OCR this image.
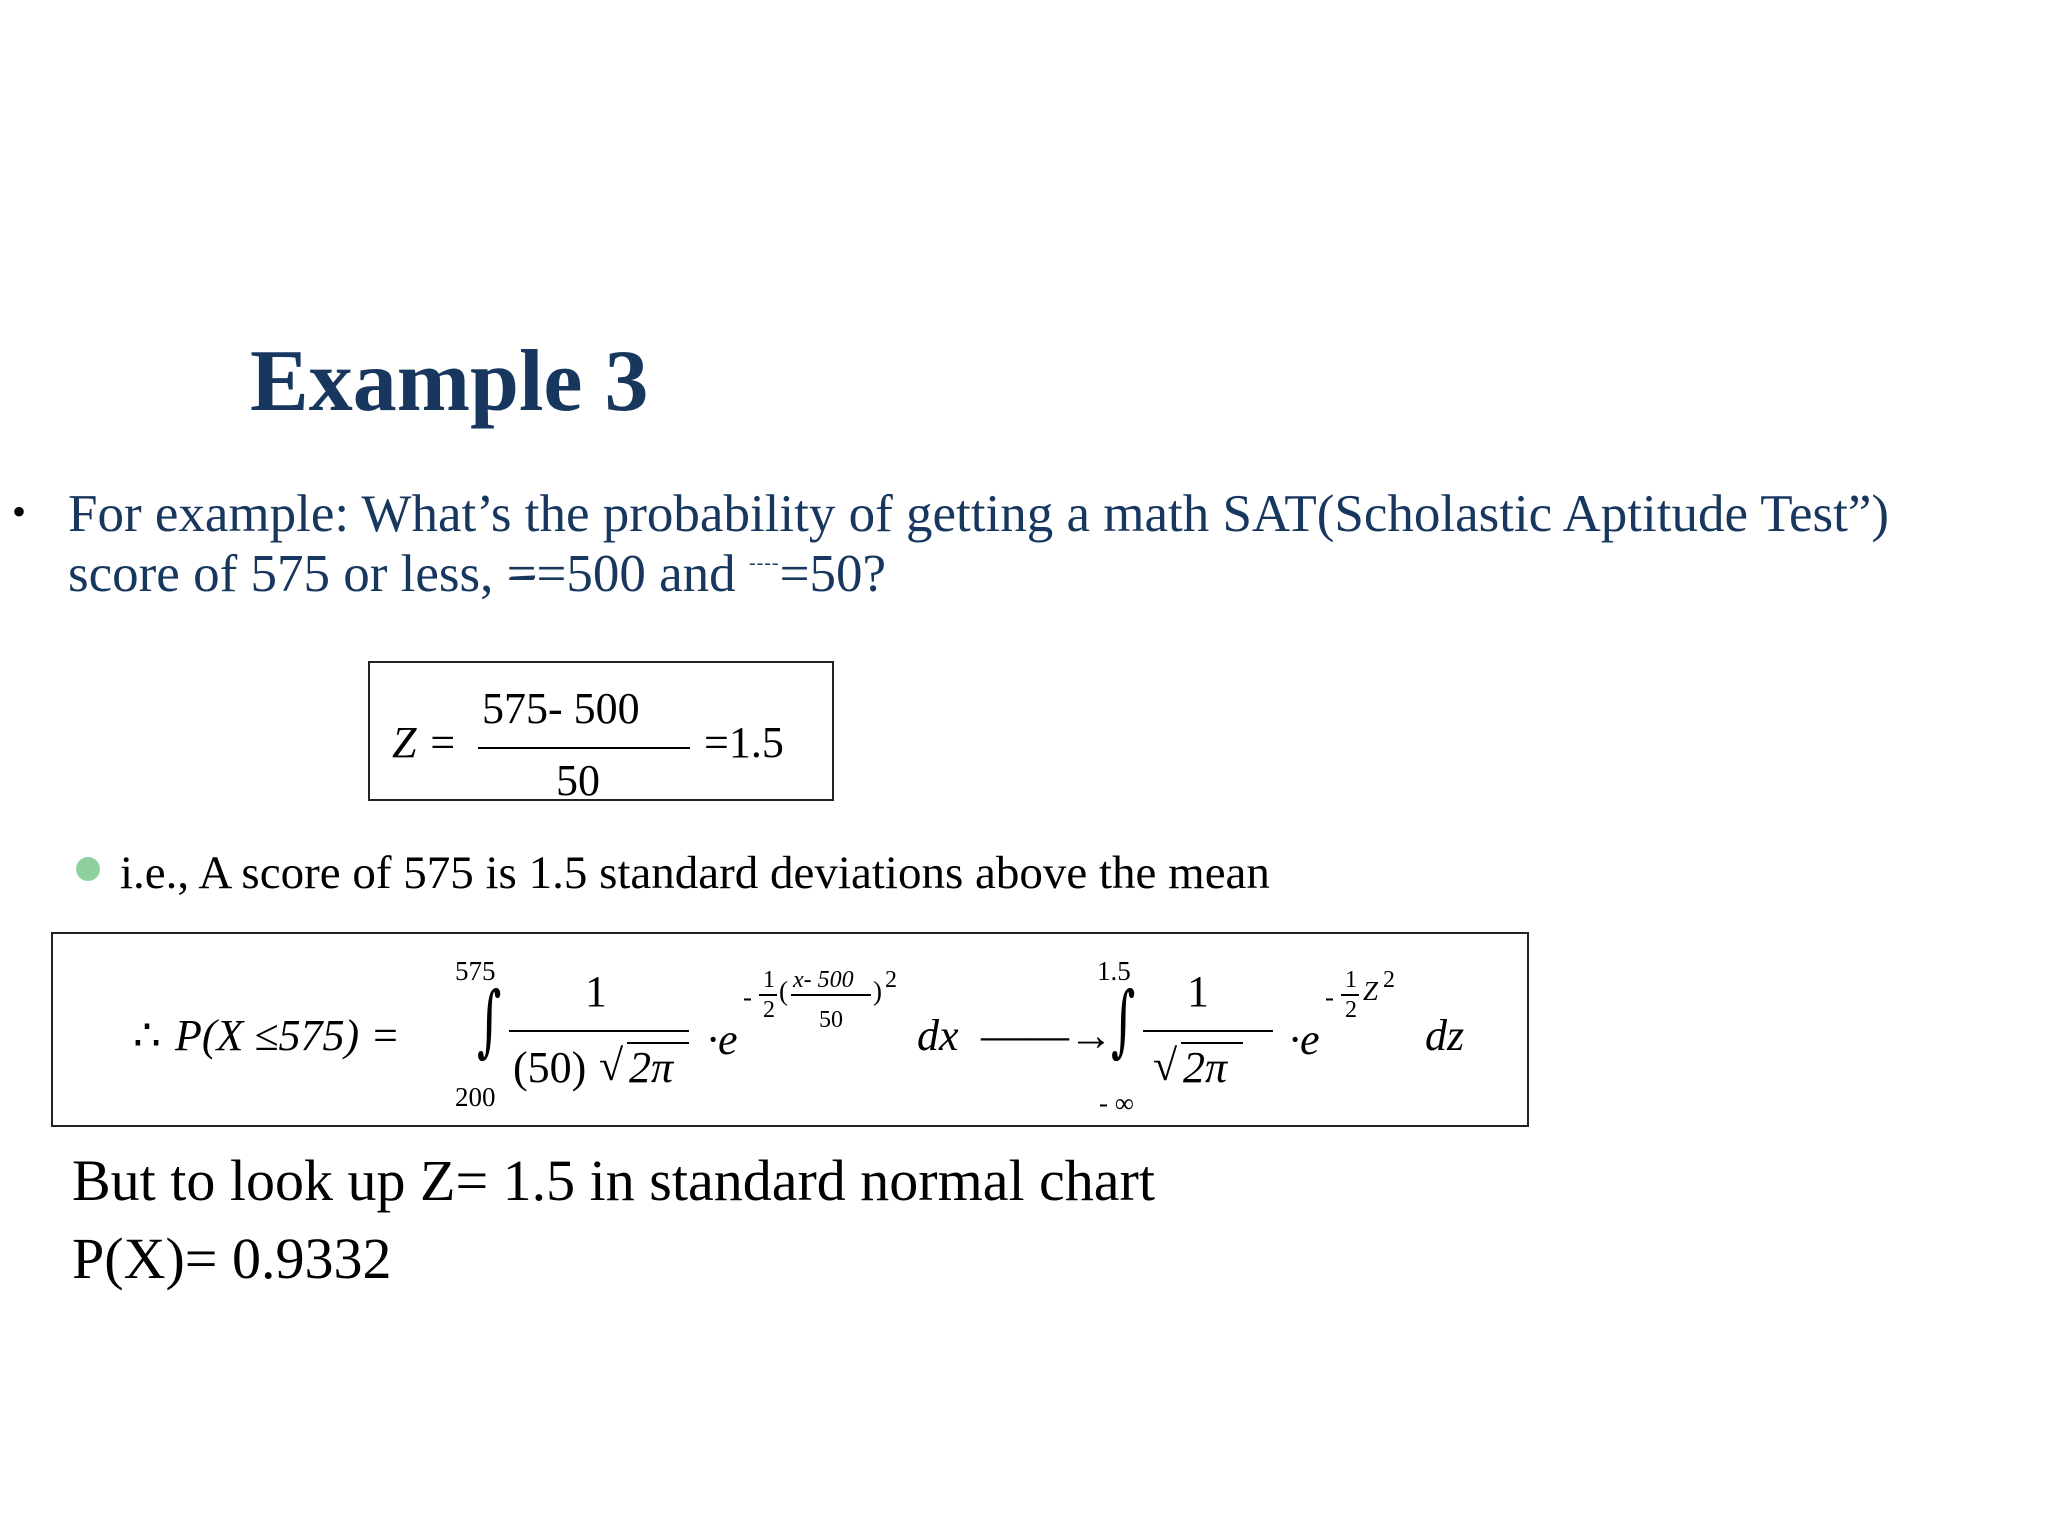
Example 3
• For example: What’s the probability of getting a math SAT(Scholastic Aptitude Test”)
score of 575 or less, =
=500 and ----=50?
Z =
575- 500
50
=1.5
i.e., A score of 575 is 1.5 standard deviations above the mean
∴ P(X ≤575) =
575
∫
200
1
(50) √ 2π
·e
-
1
2
( x- 500
50
) 2
dx ——→
1.5
∫
- ∞
1
√ 2π
·e
-
1
2
Z 2
dz
But to look up Z= 1.5 in standard normal chart
P(X)= 0.9332
